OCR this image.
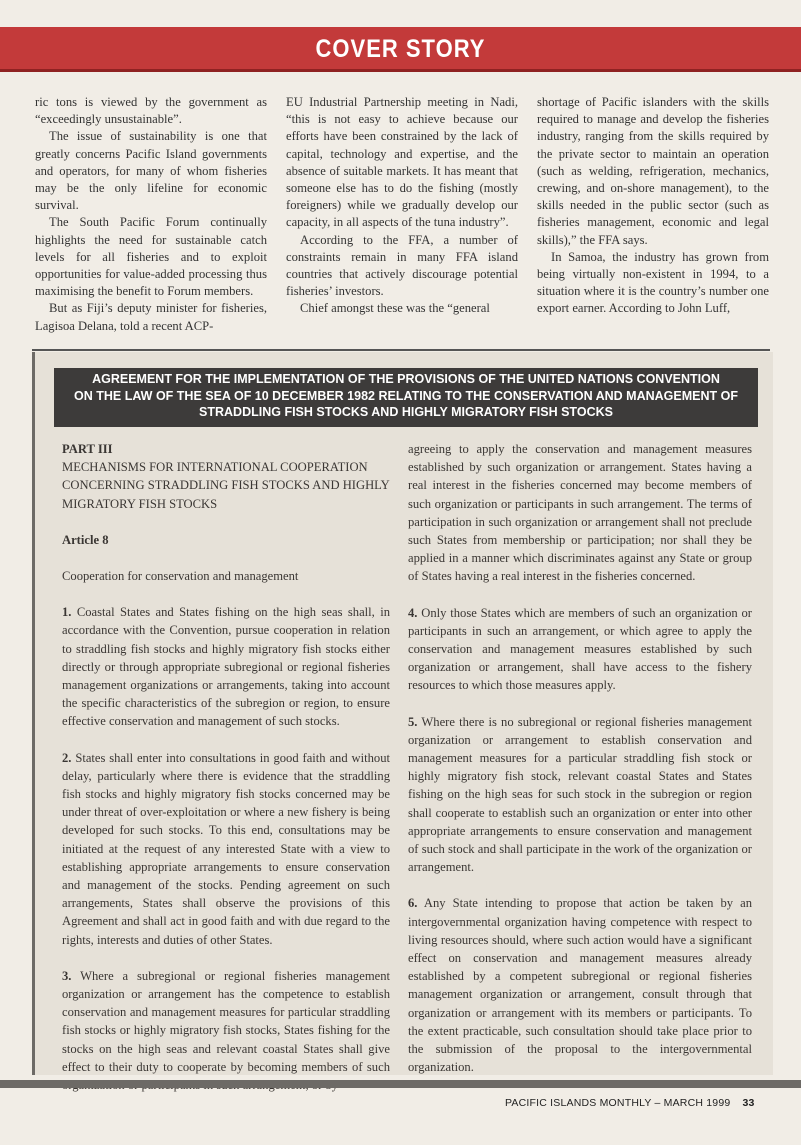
COVER STORY

ric tons is viewed by the government as “exceedingly unsustainable”.

The issue of sustainability is one that greatly concerns Pacific Island governments and operators, for many of whom fisheries may be the only lifeline for economic survival.

The South Pacific Forum continually highlights the need for sustainable catch levels for all fisheries and to exploit opportunities for value-added processing thus maximising the benefit to Forum members.

But as Fiji’s deputy minister for fisheries, Lagisoa Delana, told a recent ACP-

EU Industrial Partnership meeting in Nadi, “this is not easy to achieve because our efforts have been constrained by the lack of capital, technology and expertise, and the absence of suitable markets. It has meant that someone else has to do the fishing (mostly foreigners) while we gradually develop our capacity, in all aspects of the tuna industry”.

According to the FFA, a number of constraints remain in many FFA island countries that actively discourage potential fisheries’ investors.

Chief amongst these was the “general

shortage of Pacific islanders with the skills required to manage and develop the fisheries industry, ranging from the skills required by the private sector to maintain an operation (such as welding, refrigeration, mechanics, crewing, and on-shore management), to the skills needed in the public sector (such as fisheries management, economic and legal skills),” the FFA says.

In Samoa, the industry has grown from being virtually non-existent in 1994, to a situation where it is the country’s number one export earner. According to John Luff,

AGREEMENT FOR THE IMPLEMENTATION OF THE PROVISIONS OF THE UNITED NATIONS CONVENTION
ON THE LAW OF THE SEA OF 10 DECEMBER 1982 RELATING TO THE CONSERVATION AND MANAGEMENT OF
STRADDLING FISH STOCKS AND HIGHLY MIGRATORY FISH STOCKS

PART III

MECHANISMS FOR INTERNATIONAL COOPERATION CONCERNING STRADDLING FISH STOCKS AND HIGHLY MIGRATORY FISH STOCKS

Article 8

Cooperation for conservation and management

1. Coastal States and States fishing on the high seas shall, in accordance with the Convention, pursue cooperation in relation to straddling fish stocks and highly migratory fish stocks either directly or through appropriate subregional or regional fisheries management organizations or arrangements, taking into account the specific characteristics of the subregion or region, to ensure effective conservation and management of such stocks.

2. States shall enter into consultations in good faith and without delay, particularly where there is evidence that the straddling fish stocks and highly migratory fish stocks concerned may be under threat of over-exploitation or where a new fishery is being developed for such stocks. To this end, consultations may be initiated at the request of any interested State with a view to establishing appropriate arrangements to ensure conservation and management of the stocks. Pending agreement on such arrangements, States shall observe the provisions of this Agreement and shall act in good faith and with due regard to the rights, interests and duties of other States.

3. Where a subregional or regional fisheries management organization or arrangement has the competence to establish conservation and management measures for particular straddling fish stocks or highly migratory fish stocks, States fishing for the stocks on the high seas and relevant coastal States shall give effect to their duty to cooperate by becoming members of such

agreeing to apply the conservation and management measures established by such organization or arrangement. States having a real interest in the fisheries concerned may become members of such organization or participants in such arrangement. The terms of participation in such organization or arrangement shall not preclude such States from membership or participation; nor shall they be applied in a manner which discriminates against any State or group of States having a real interest in the fisheries concerned.

4. Only those States which are members of such an organization or participants in such an arrangement, or which agree to apply the conservation and management measures established by such organization or arrangement, shall have access to the fishery resources to which those measures apply.

5. Where there is no subregional or regional fisheries management organization or arrangement to establish conservation and management measures for a particular straddling fish stock or highly migratory fish stock, relevant coastal States and States fishing on the high seas for such stock in the subregion or region shall cooperate to establish such an organization or enter into other appropriate arrangements to ensure conservation and management of such stock and shall participate in the work of the organization or arrangement.

6. Any State intending to propose that action be taken by an intergovernmental organization having competence with respect to living resources should, where such action would have a significant effect on conservation and management measures already established by a competent subregional or regional fisheries management organization or arrangement, consult through that organization or arrangement with its members or participants. To the extent practicable, such consultation should take place prior to the submission of the proposal to the intergovernmental organization.

PACIFIC ISLANDS MONTHLY – MARCH 1999 33
